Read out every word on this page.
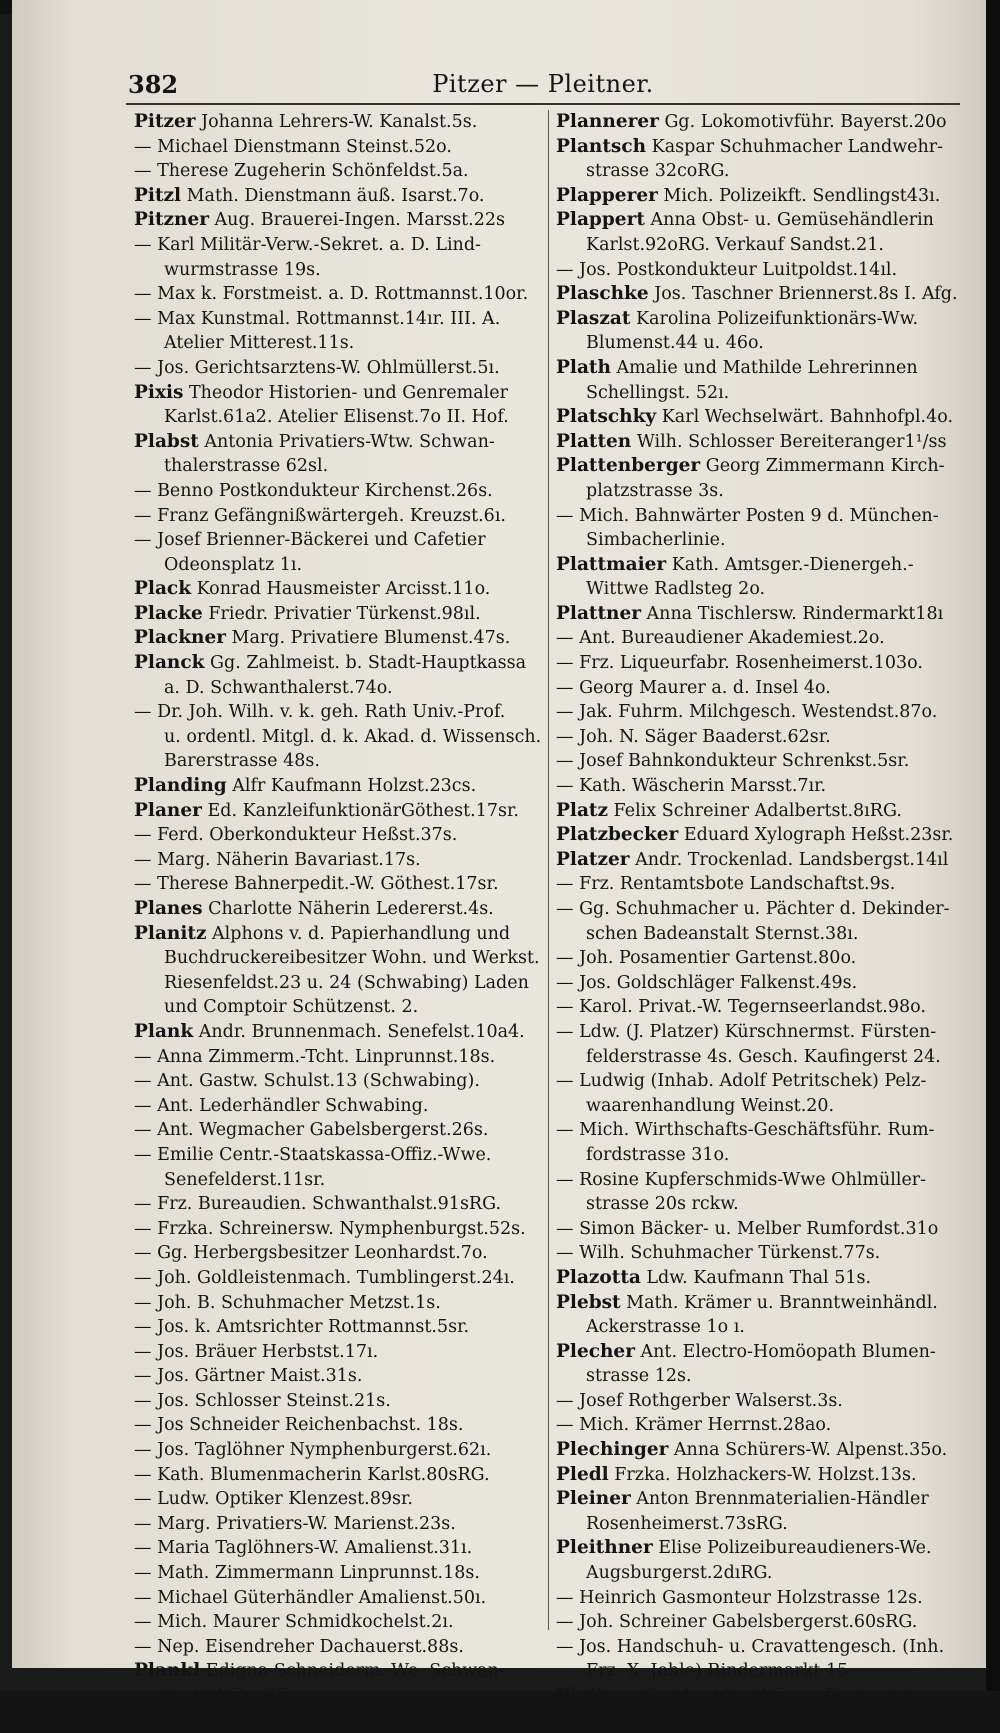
382	Pitzer — Pleitner.
Pitzer Johanna Lehrers-W. Kanalst.5s.
— Michael Dienstmann Steinst.52o.
— Therese Zugeherin Schönfeldst.5a.
Pitzl Math. Dienstmann äuß. Isarst.7o.
Pitzner Aug. Brauerei-Ingen. Marsst.22s
— Karl Militär-Verw.-Sekret. a. D. Lind-
wurmstrasse 19s.
— Max k. Forstmeist. a. D. Rottmannst.10or.
— Max Kunstmal. Rottmannst.14ır. III. A.
Atelier Mitterest.11s.
— Jos. Gerichtsarztens-W. Ohlmüllerst.5ı.
Pixis Theodor Historien- und Genremaler
Karlst.61a2. Atelier Elisenst.7o II. Hof.
Plabst Antonia Privatiers-Wtw. Schwan-
thalerstrasse 62sl.
— Benno Postkondukteur Kirchenst.26s.
— Franz Gefängnißwärtergeh. Kreuzst.6ı.
— Josef Brienner-Bäckerei und Cafetier
Odeonsplatz 1ı.
Plack Konrad Hausmeister Arcisst.11o.
Placke Friedr. Privatier Türkenst.98ıl.
Plackner Marg. Privatiere Blumenst.47s.
Planck Gg. Zahlmeist. b. Stadt-Hauptkassa
a. D. Schwanthalerst.74o.
— Dr. Joh. Wilh. v. k. geh. Rath Univ.-Prof.
u. ordentl. Mitgl. d. k. Akad. d. Wissensch.
Barerstrasse 48s.
Planding Alfr Kaufmann Holzst.23cs.
Planer Ed. KanzleifunktionärGöthest.17sr.
— Ferd. Oberkondukteur Heßst.37s.
— Marg. Näherin Bavariast.17s.
— Therese Bahnerpedit.-W. Göthest.17sr.
Planes Charlotte Näherin Ledererst.4s.
Planitz Alphons v. d. Papierhandlung und
Buchdruckereibesitzer Wohn. und Werkst.
Riesenfeldst.23 u. 24 (Schwabing) Laden
und Comptoir Schützenst. 2.
Plank Andr. Brunnenmach. Senefelst.10a4.
— Anna Zimmerm.-Tcht. Linprunnst.18s.
— Ant. Gastw. Schulst.13 (Schwabing).
— Ant. Lederhändler Schwabing.
— Ant. Wegmacher Gabelsbergerst.26s.
— Emilie Centr.-Staatskassa-Offiz.-Wwe.
Senefelderst.11sr.
— Frz. Bureaudien. Schwanthalst.91sRG.
— Frzka. Schreinersw. Nymphenburgst.52s.
— Gg. Herbergsbesitzer Leonhardst.7o.
— Joh. Goldleistenmach. Tumblingerst.24ı.
— Joh. B. Schuhmacher Metzst.1s.
— Jos. k. Amtsrichter Rottmannst.5sr.
— Jos. Bräuer Herbstst.17ı.
— Jos. Gärtner Maist.31s.
— Jos. Schlosser Steinst.21s.
— Jos Schneider Reichenbachst. 18s.
— Jos. Taglöhner Nymphenburgerst.62ı.
— Kath. Blumenmacherin Karlst.80sRG.
— Ludw. Optiker Klenzest.89sr.
— Marg. Privatiers-W. Marienst.23s.
— Maria Taglöhners-W. Amalienst.31ı.
— Math. Zimmermann Linprunnst.18s.
— Michael Güterhändler Amalienst.50ı.
— Mich. Maurer Schmidkochelst.2ı.
— Nep. Eisendreher Dachauerst.88s.
Plankl Edigna Schneiderm.-We. Schwan-
thalerhöhe 35ı.
— Franz Paul Schreiner Kirchplatzst.20o.
Plannerer Gg. Lokomotivführ. Bayerst.20o
Plantsch Kaspar Schuhmacher Landwehr-
strasse 32coRG.
Plapperer Mich. Polizeikft. Sendlingst43ı.
Plappert Anna Obst- u. Gemüsehändlerin
Karlst.92oRG. Verkauf Sandst.21.
— Jos. Postkondukteur Luitpoldst.14ıl.
Plaschke Jos. Taschner Briennerst.8s I. Afg.
Plaszat Karolina Polizeifunktionärs-Ww.
Blumenst.44 u. 46o.
Plath Amalie und Mathilde Lehrerinnen
Schellingst. 52ı.
Platschky Karl Wechselwärt. Bahnhofpl.4o.
Platten Wilh. Schlosser Bereiteranger1¹/ss
Plattenberger Georg Zimmermann Kirch-
platzstrasse 3s.
— Mich. Bahnwärter Posten 9 d. München-
Simbacherlinie.
Plattmaier Kath. Amtsger.-Dienergeh.-
Wittwe Radlsteg 2o.
Plattner Anna Tischlersw. Rindermarkt18ı
— Ant. Bureaudiener Akademiest.2o.
— Frz. Liqueurfabr. Rosenheimerst.103o.
— Georg Maurer a. d. Insel 4o.
— Jak. Fuhrm. Milchgesch. Westendst.87o.
— Joh. N. Säger Baaderst.62sr.
— Josef Bahnkondukteur Schrenkst.5sr.
— Kath. Wäscherin Marsst.7ır.
Platz Felix Schreiner Adalbertst.8ıRG.
Platzbecker Eduard Xylograph Heßst.23sr.
Platzer Andr. Trockenlad. Landsbergst.14ıl
— Frz. Rentamtsbote Landschaftst.9s.
— Gg. Schuhmacher u. Pächter d. Dekinder-
schen Badeanstalt Sternst.38ı.
— Joh. Posamentier Gartenst.80o.
— Jos. Goldschläger Falkenst.49s.
— Karol. Privat.-W. Tegernseerlandst.98o.
— Ldw. (J. Platzer) Kürschnermst. Fürsten-
felderstrasse 4s. Gesch. Kaufingerst 24.
— Ludwig (Inhab. Adolf Petritschek) Pelz-
waarenhandlung Weinst.20.
— Mich. Wirthschafts-Geschäftsführ. Rum-
fordstrasse 31o.
— Rosine Kupferschmids-Wwe Ohlmüller-
strasse 20s rckw.
— Simon Bäcker- u. Melber Rumfordst.31o
— Wilh. Schuhmacher Türkenst.77s.
Plazotta Ldw. Kaufmann Thal 51s.
Plebst Math. Krämer u. Branntweinhändl.
Ackerstrasse 1o ı.
Plecher Ant. Electro-Homöopath Blumen-
strasse 12s.
— Josef Rothgerber Walserst.3s.
— Mich. Krämer Herrnst.28ao.
Plechinger Anna Schürers-W. Alpenst.35o.
Pledl Frzka. Holzhackers-W. Holzst.13s.
Pleiner Anton Brennmaterialien-Händler
Rosenheimerst.73sRG.
Pleithner Elise Polizeibureaudieners-We.
Augsburgerst.2dıRG.
— Heinrich Gasmonteur Holzstrasse 12s.
— Joh. Schreiner Gabelsbergerst.60sRG.
— Jos. Handschuh- u. Cravattengesch. (Inh.
Frz. X. Jehle) Rindermarkt 15.
Pleitner Bertha Alterthümer-Restaurat.
Sendlingerst.18s RG.
